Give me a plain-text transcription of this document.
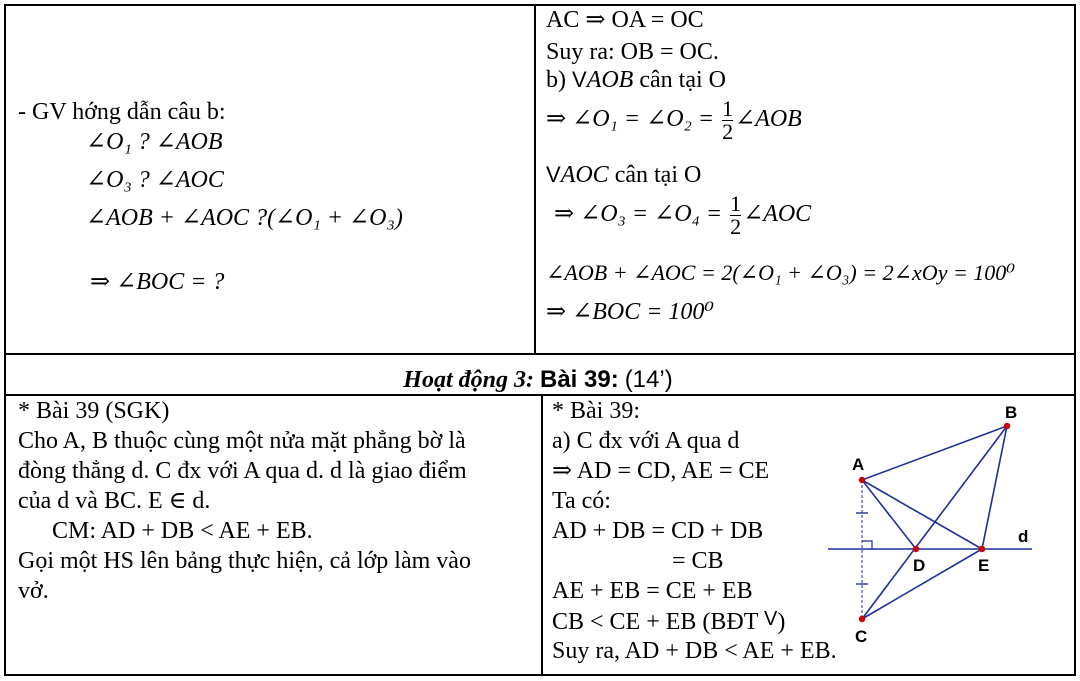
- GV hớng dẫn câu b:
∠O₁ ? ∠AOB
∠O₃ ? ∠AOC
∠AOB + ∠AOC ?(∠O₁ + ∠O₃)
⇒ ∠BOC = ?
AC ⇒ OA = OC
Suy ra: OB = OC.
b) VAOB cân tại O
⇒ ∠O₁ = ∠O₂ = $\frac{1}{2}$ ∠AOB
VAOC cân tại O
⇒ ∠O₃ = ∠O₄ = $\frac{1}{2}$ ∠AOC
∠AOB + ∠AOC = 2(∠O₁ + ∠O₃) = 2∠xOy = 100⁰
⇒ ∠BOC = 100⁰
Hoạt động 3: Bài 39: (14’)
* Bài 39 (SGK)
Cho A, B thuộc cùng một nửa mặt phẳng bờ là
đòng thẳng d. C đx với A qua d. d là giao điểm
của d và BC. E ∈ d.
CM: AD + DB < AE + EB.
Gọi một HS lên bảng thực hiện, cả lớp làm vào
vở.
* Bài 39:
a) C đx với A qua d
⇒ AD = CD, AE = CE
Ta có:
AD + DB = CD + DB
= CB
AE + EB = CE + EB
CB < CE + EB (BĐT V)
Suy ra, AD + DB < AE + EB.
A
B
C
D	E
d
